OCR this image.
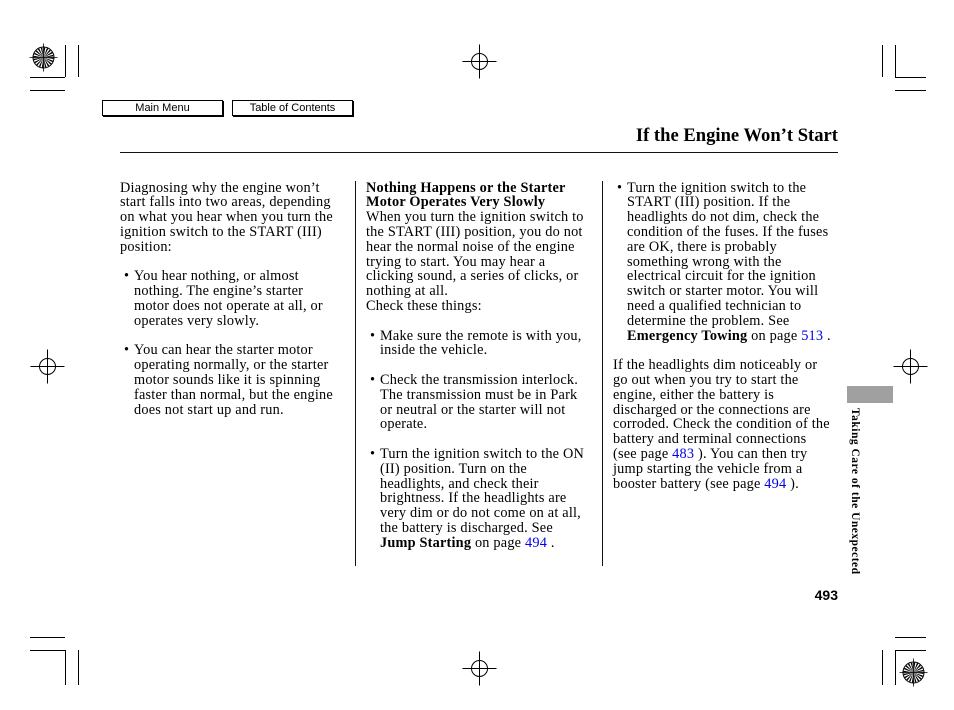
Main Menu	Table of Contents
If the Engine Won’t Start
Diagnosing why the engine won’t
start falls into two areas, depending
on what you hear when you turn the
ignition switch to the START (III)
position:
• You hear nothing, or almost
nothing. The engine’s starter
motor does not operate at all, or
operates very slowly.
• You can hear the starter motor
operating normally, or the starter
motor sounds like it is spinning
faster than normal, but the engine
does not start up and run.
Nothing Happens or the Starter
Motor Operates Very Slowly
When you turn the ignition switch to
the START (III) position, you do not
hear the normal noise of the engine
trying to start. You may hear a
clicking sound, a series of clicks, or
nothing at all.
Check these things:
• Make sure the remote is with you,
inside the vehicle.
• Check the transmission interlock.
The transmission must be in Park
or neutral or the starter will not
operate.
• Turn the ignition switch to the ON
(II) position. Turn on the
headlights, and check their
brightness. If the headlights are
very dim or do not come on at all,
the battery is discharged. See
Jump Starting on page 494 .
• Turn the ignition switch to the
START (III) position. If the
headlights do not dim, check the
condition of the fuses. If the fuses
are OK, there is probably
something wrong with the
electrical circuit for the ignition
switch or starter motor. You will
need a qualified technician to
determine the problem. See
Emergency Towing on page 513 .
If the headlights dim noticeably or
go out when you try to start the
engine, either the battery is
discharged or the connections are
corroded. Check the condition of the
battery and terminal connections
(see page 483 ). You can then try
jump starting the vehicle from a
booster battery (see page 494 ).	Taking Care of the Unexpected
493
